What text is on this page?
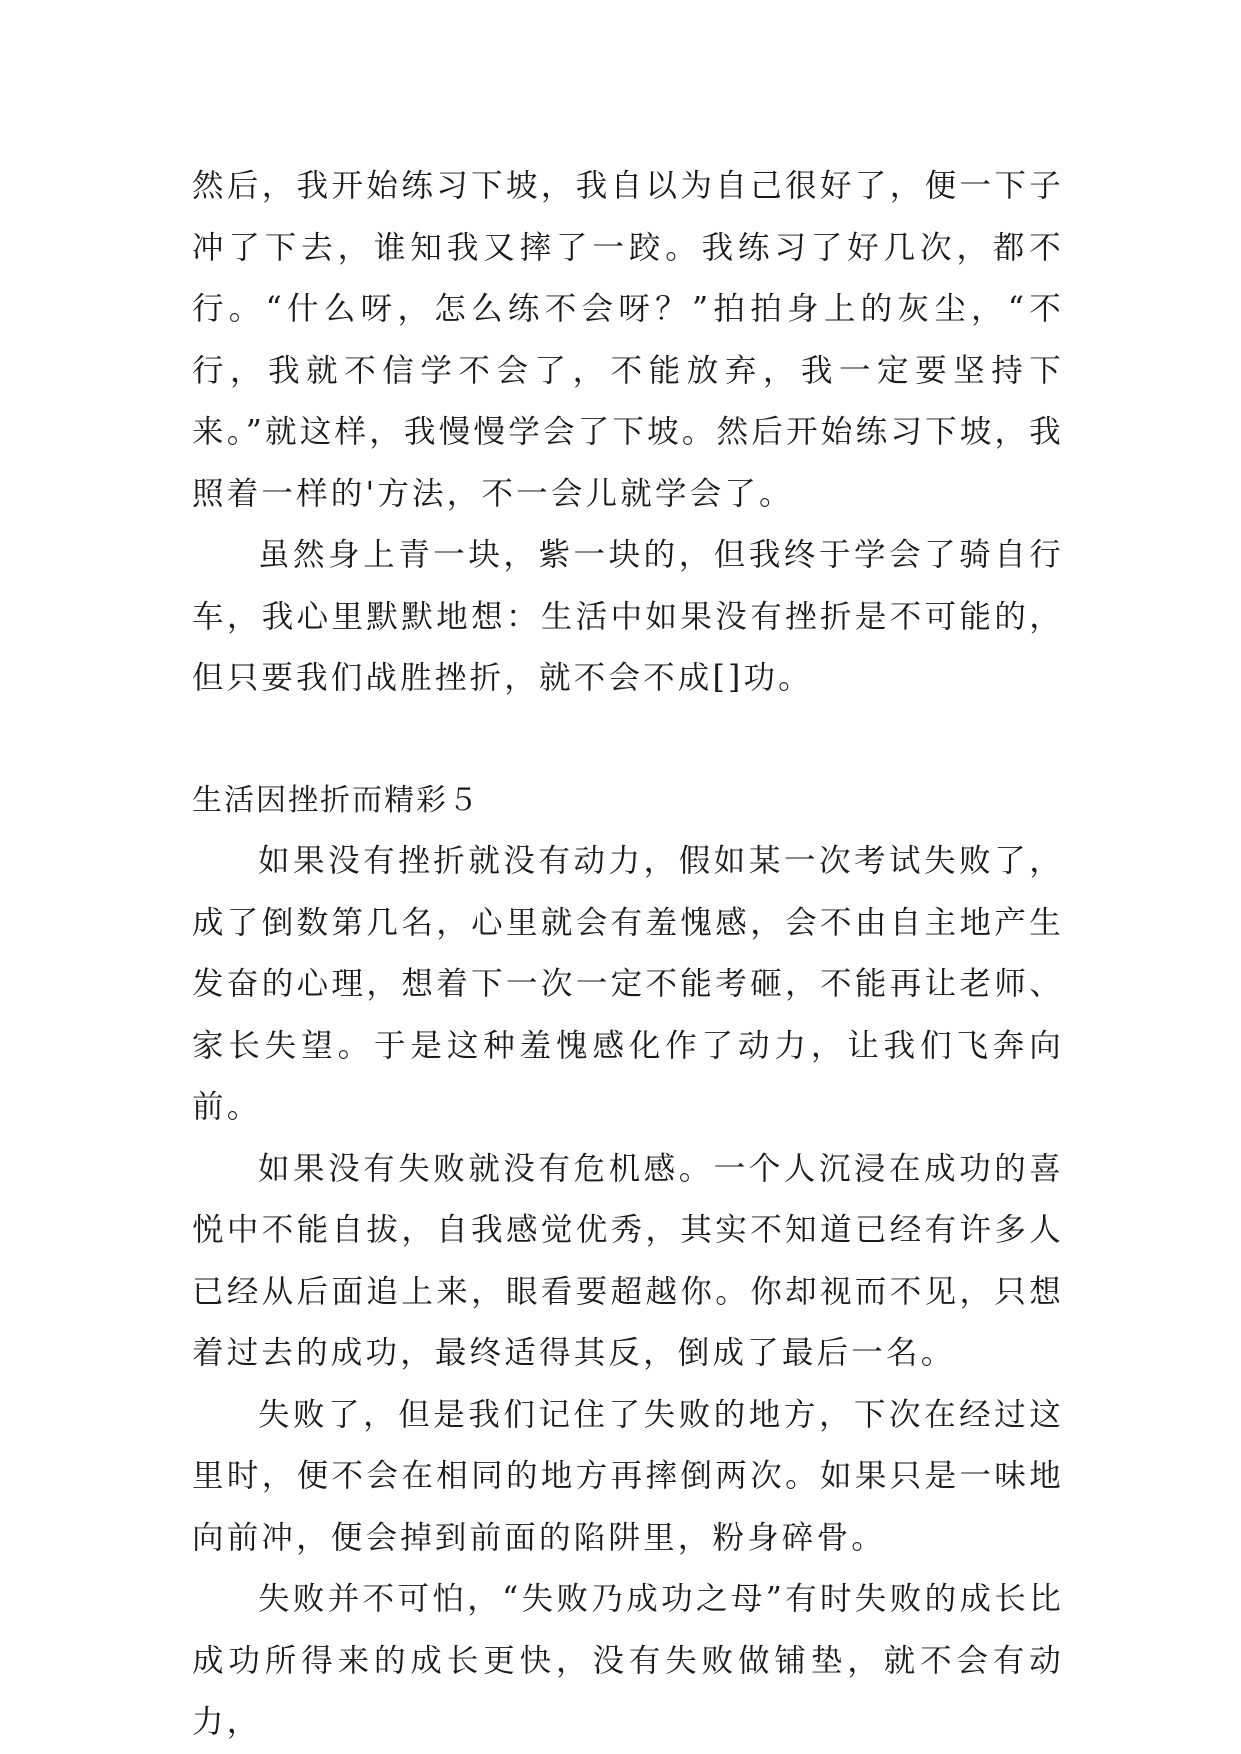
然后，我开始练习下坡，我自以为自己很好了，便一下子冲了下去，谁知我又摔了一跤。我练习了好几次，都不行。“什么呀，怎么练不会呀？”拍拍身上的灰尘，“不行，我就不信学不会了，不能放弃，我一定要坚持下来。”就这样，我慢慢学会了下坡。然后开始练习下坡，我照着一样的'方法，不一会儿就学会了。

虽然身上青一块，紫一块的，但我终于学会了骑自行车，我心里默默地想：生活中如果没有挫折是不可能的，但只要我们战胜挫折，就不会不成[]功。

生活因挫折而精彩５

如果没有挫折就没有动力，假如某一次考试失败了，成了倒数第几名，心里就会有羞愧感，会不由自主地产生发奋的心理，想着下一次一定不能考砸，不能再让老师、家长失望。于是这种羞愧感化作了动力，让我们飞奔向前。

如果没有失败就没有危机感。一个人沉浸在成功的喜悦中不能自拔，自我感觉优秀，其实不知道已经有许多人已经从后面追上来，眼看要超越你。你却视而不见，只想着过去的成功，最终适得其反，倒成了最后一名。

失败了，但是我们记住了失败的地方，下次在经过这里时，便不会在相同的地方再摔倒两次。如果只是一味地向前冲，便会掉到前面的陷阱里，粉身碎骨。

失败并不可怕，“失败乃成功之母”有时失败的成长比成功所得来的成长更快，没有失败做铺垫，就不会有动力，
